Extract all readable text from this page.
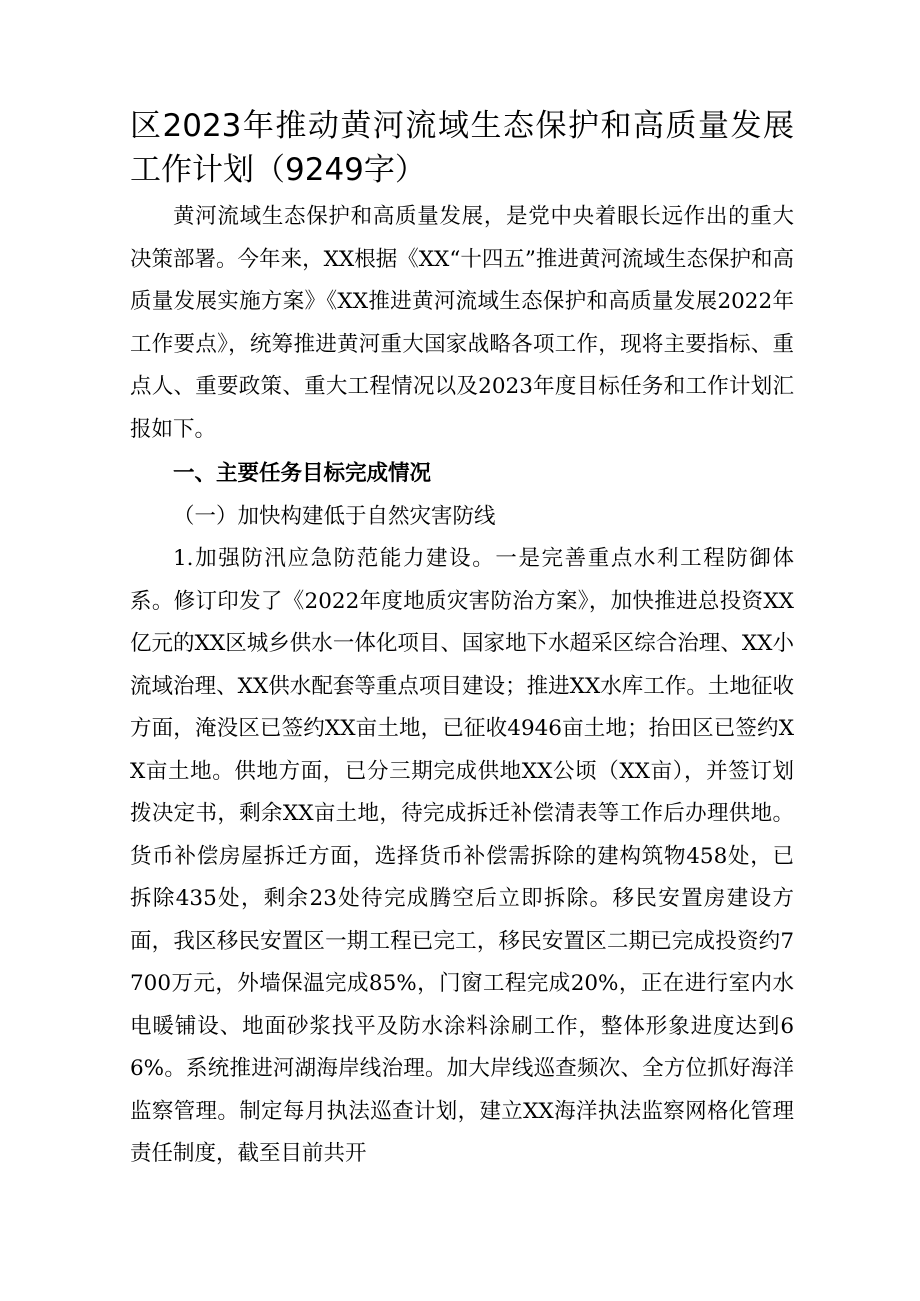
区2023年推动黄河流域生态保护和高质量发展工作计划（9249字）

黄河流域生态保护和高质量发展，是党中央着眼长远作出的重大决策部署。今年来，XX根据《XX“十四五”推进黄河流域生态保护和高质量发展实施方案》《XX推进黄河流域生态保护和高质量发展2022年工作要点》，统筹推进黄河重大国家战略各项工作，现将主要指标、重点人、重要政策、重大工程情况以及2023年度目标任务和工作计划汇报如下。

一、主要任务目标完成情况

（一）加快构建低于自然灾害防线

1.加强防汛应急防范能力建设。一是完善重点水利工程防御体系。修订印发了《2022年度地质灾害防治方案》，加快推进总投资XX亿元的XX区城乡供水一体化项目、国家地下水超采区综合治理、XX小流域治理、XX供水配套等重点项目建设；推进XX水库工作。土地征收方面，淹没区已签约XX亩土地，已征收4946亩土地；抬田区已签约XX亩土地。供地方面，已分三期完成供地XX公顷（XX亩），并签订划拨决定书，剩余XX亩土地，待完成拆迁补偿清表等工作后办理供地。货币补偿房屋拆迁方面，选择货币补偿需拆除的建构筑物458处，已拆除435处，剩余23处待完成腾空后立即拆除。移民安置房建设方面，我区移民安置区一期工程已完工，移民安置区二期已完成投资约7700万元，外墙保温完成85%，门窗工程完成20%，正在进行室内水电暖铺设、地面砂浆找平及防水涂料涂刷工作，整体形象进度达到66%。系统推进河湖海岸线治理。加大岸线巡查频次、全方位抓好海洋监察管理。制定每月执法巡查计划，建立XX海洋执法监察网格化管理责任制度，截至目前共开
